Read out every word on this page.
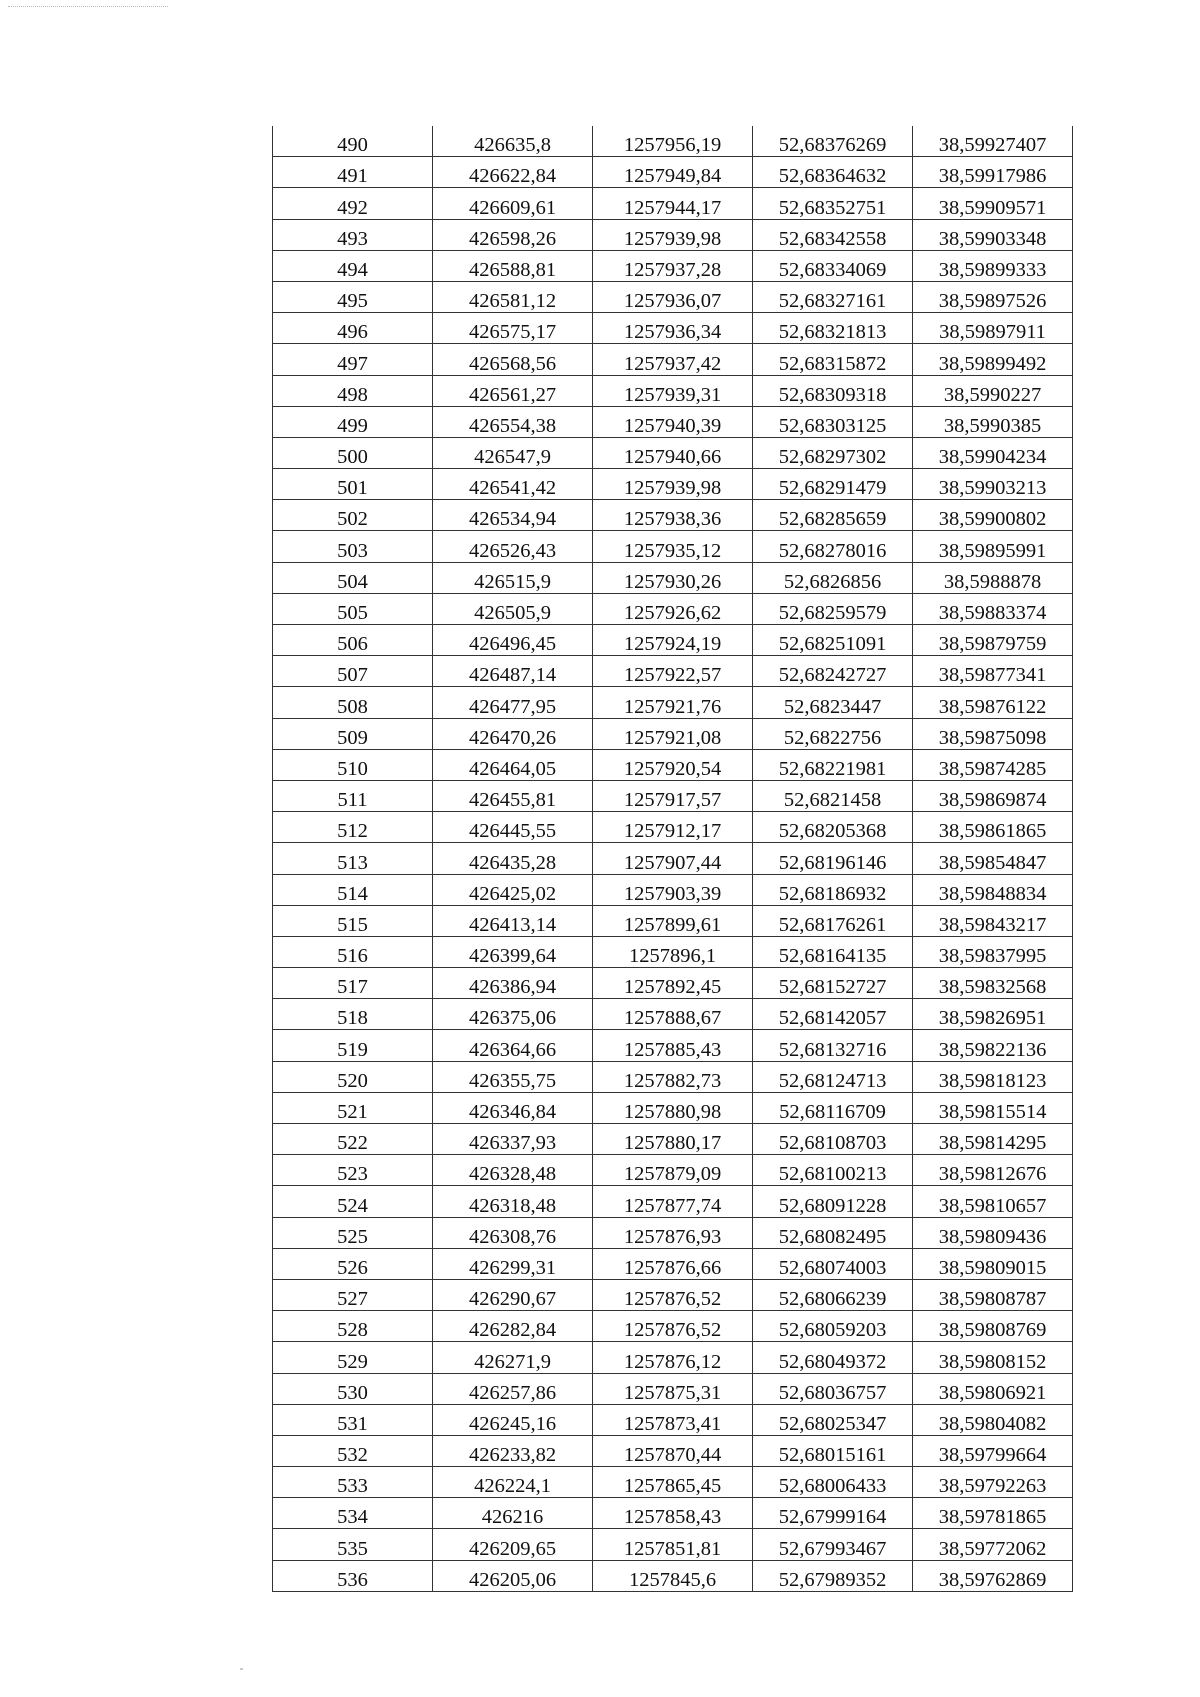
490	426635,8	1257956,19	52,68376269	38,59927407
491	426622,84	1257949,84	52,68364632	38,59917986
492	426609,61	1257944,17	52,68352751	38,59909571
493	426598,26	1257939,98	52,68342558	38,59903348
494	426588,81	1257937,28	52,68334069	38,59899333
495	426581,12	1257936,07	52,68327161	38,59897526
496	426575,17	1257936,34	52,68321813	38,59897911
497	426568,56	1257937,42	52,68315872	38,59899492
498	426561,27	1257939,31	52,68309318	38,5990227
499	426554,38	1257940,39	52,68303125	38,5990385
500	426547,9	1257940,66	52,68297302	38,59904234
501	426541,42	1257939,98	52,68291479	38,59903213
502	426534,94	1257938,36	52,68285659	38,59900802
503	426526,43	1257935,12	52,68278016	38,59895991
504	426515,9	1257930,26	52,6826856	38,5988878
505	426505,9	1257926,62	52,68259579	38,59883374
506	426496,45	1257924,19	52,68251091	38,59879759
507	426487,14	1257922,57	52,68242727	38,59877341
508	426477,95	1257921,76	52,6823447	38,59876122
509	426470,26	1257921,08	52,6822756	38,59875098
510	426464,05	1257920,54	52,68221981	38,59874285
511	426455,81	1257917,57	52,6821458	38,59869874
512	426445,55	1257912,17	52,68205368	38,59861865
513	426435,28	1257907,44	52,68196146	38,59854847
514	426425,02	1257903,39	52,68186932	38,59848834
515	426413,14	1257899,61	52,68176261	38,59843217
516	426399,64	1257896,1	52,68164135	38,59837995
517	426386,94	1257892,45	52,68152727	38,59832568
518	426375,06	1257888,67	52,68142057	38,59826951
519	426364,66	1257885,43	52,68132716	38,59822136
520	426355,75	1257882,73	52,68124713	38,59818123
521	426346,84	1257880,98	52,68116709	38,59815514
522	426337,93	1257880,17	52,68108703	38,59814295
523	426328,48	1257879,09	52,68100213	38,59812676
524	426318,48	1257877,74	52,68091228	38,59810657
525	426308,76	1257876,93	52,68082495	38,59809436
526	426299,31	1257876,66	52,68074003	38,59809015
527	426290,67	1257876,52	52,68066239	38,59808787
528	426282,84	1257876,52	52,68059203	38,59808769
529	426271,9	1257876,12	52,68049372	38,59808152
530	426257,86	1257875,31	52,68036757	38,59806921
531	426245,16	1257873,41	52,68025347	38,59804082
532	426233,82	1257870,44	52,68015161	38,59799664
533	426224,1	1257865,45	52,68006433	38,59792263
534	426216	1257858,43	52,67999164	38,59781865
535	426209,65	1257851,81	52,67993467	38,59772062
536	426205,06	1257845,6	52,67989352	38,59762869
